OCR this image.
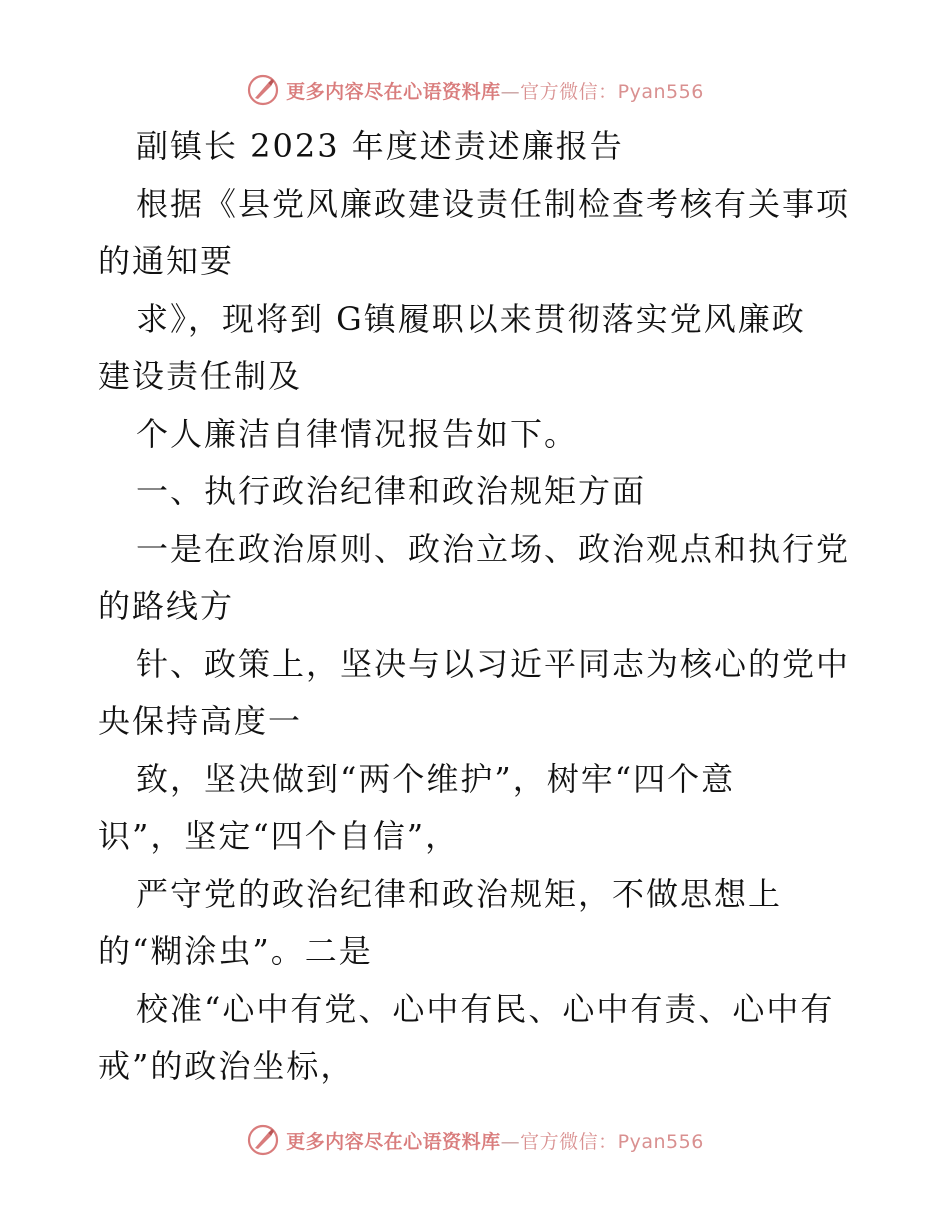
更多内容尽在心语资料库—官方微信：Pyan556
副镇长 2023 年度述责述廉报告
根据《县党风廉政建设责任制检查考核有关事项
的通知要
求》，现将到 G镇履职以来贯彻落实党风廉政
建设责任制及
个人廉洁自律情况报告如下。
一、执行政治纪律和政治规矩方面
一是在政治原则、政治立场、政治观点和执行党
的路线方
针、政策上，坚决与以习近平同志为核心的党中
央保持高度一
致，坚决做到“两个维护”，树牢“四个意
识”，坚定“四个自信”，
严守党的政治纪律和政治规矩，不做思想上
的“糊涂虫”。二是
校准“心中有党、心中有民、心中有责、心中有
戒”的政治坐标，
更多内容尽在心语资料库—官方微信：Pyan556
